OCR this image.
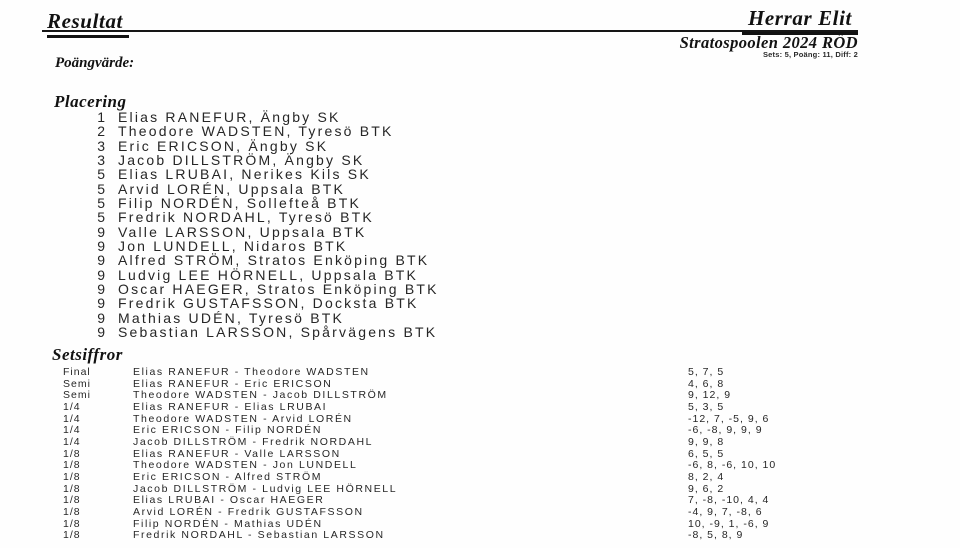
Resultat	Herrar Elit
Stratospoolen 2024 RÖD
Sets: 5, Poäng: 11, Diff: 2
Poängvärde:
Placering
1 Elias RANEFUR, Ängby SK
2 Theodore WADSTEN, Tyresö BTK
3 Eric ERICSON, Ängby SK
3 Jacob DILLSTRÖM, Ängby SK
5 Elias LRUBAI, Nerikes Kils SK
5 Arvid LORÉN, Uppsala BTK
5 Filip NORDÉN, Sollefteå BTK
5 Fredrik NORDAHL, Tyresö BTK
9 Valle LARSSON, Uppsala BTK
9 Jon LUNDELL, Nidaros BTK
9 Alfred STRÖM, Stratos Enköping BTK
9 Ludvig LEE HÖRNELL, Uppsala BTK
9 Oscar HAEGER, Stratos Enköping BTK
9 Fredrik GUSTAFSSON, Docksta BTK
9 Mathias UDÉN, Tyresö BTK
9 Sebastian LARSSON, Spårvägens BTK
Setsiffror
Final	Elias RANEFUR - Theodore WADSTEN	5, 7, 5
Semi	Elias RANEFUR - Eric ERICSON	4, 6, 8
Semi	Theodore WADSTEN - Jacob DILLSTRÖM	9, 12, 9
1/4	Elias RANEFUR - Elias LRUBAI	5, 3, 5
1/4	Theodore WADSTEN - Arvid LORÉN	-12, 7, -5, 9, 6
1/4	Eric ERICSON - Filip NORDÉN	-6, -8, 9, 9, 9
1/4	Jacob DILLSTRÖM - Fredrik NORDAHL	9, 9, 8
1/8	Elias RANEFUR - Valle LARSSON	6, 5, 5
1/8	Theodore WADSTEN - Jon LUNDELL	-6, 8, -6, 10, 10
1/8	Eric ERICSON - Alfred STRÖM	8, 2, 4
1/8	Jacob DILLSTRÖM - Ludvig LEE HÖRNELL	9, 6, 2
1/8	Elias LRUBAI - Oscar HAEGER	7, -8, -10, 4, 4
1/8	Arvid LORÉN - Fredrik GUSTAFSSON	-4, 9, 7, -8, 6
1/8	Filip NORDÉN - Mathias UDÉN	10, -9, 1, -6, 9
1/8	Fredrik NORDAHL - Sebastian LARSSON	-8, 5, 8, 9
